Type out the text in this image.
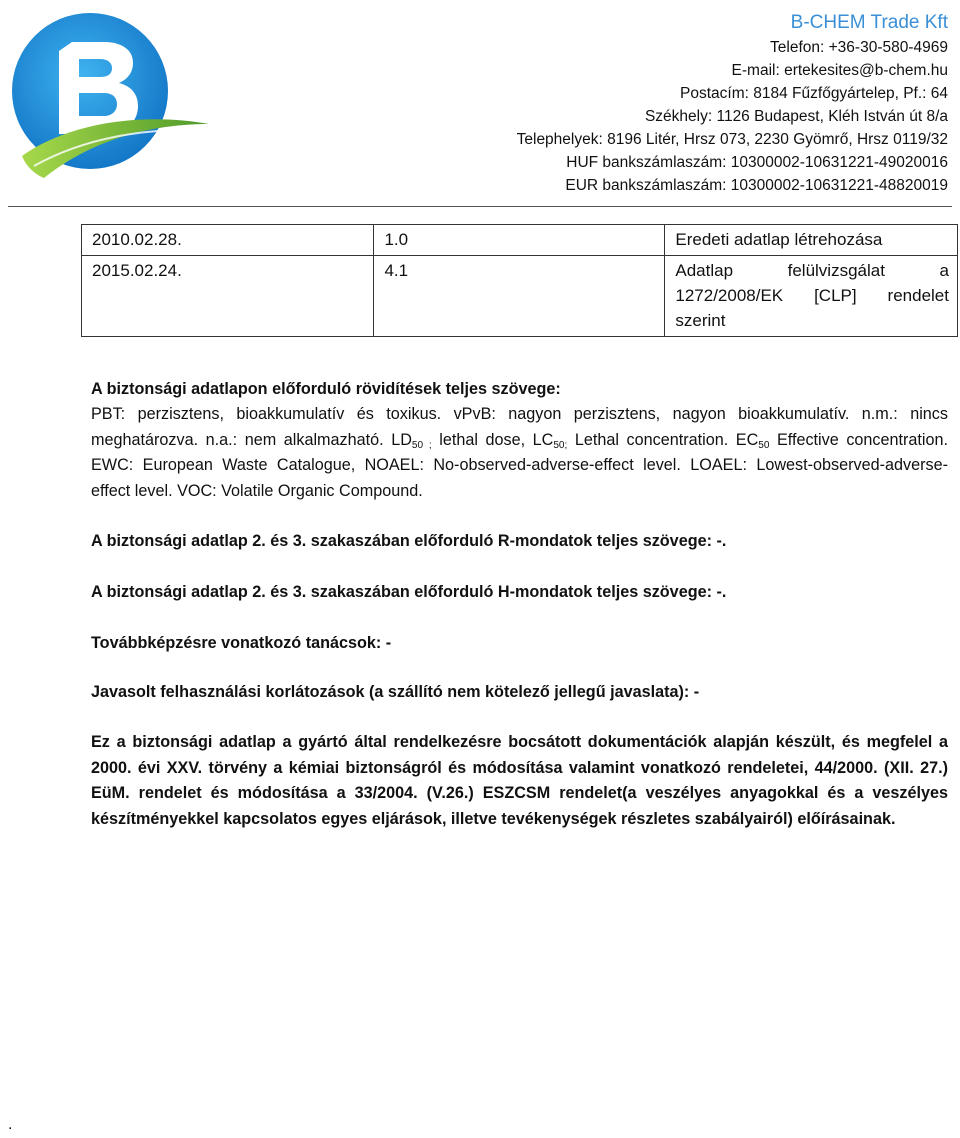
B-CHEM Trade Kft
Telefon: +36-30-580-4969
E-mail: ertekesites@b-chem.hu
Postacím: 8184 Fűzfőgyártelep, Pf.: 64
Székhely: 1126 Budapest, Kléh István út 8/a
Telephelyek: 8196 Litér, Hrsz 073, 2230 Gyömrő, Hrsz 0119/32
HUF bankszámlaszám: 10300002-10631221-49020016
EUR bankszámlaszám: 10300002-10631221-48820019
2010.02.28.	1.0	Eredeti adatlap létrehozása
2015.02.24.	4.1	Adatlap felülvizsgálat a 1272/2008/EK [CLP] rendelet szerint
A biztonsági adatlapon előforduló rövidítések teljes szövege:
PBT: perzisztens, bioakkumulatív és toxikus. vPvB: nagyon perzisztens, nagyon bioakkumulatív. n.m.: nincs meghatározva. n.a.: nem alkalmazható. $LD_{50 ;}$ lethal dose, $LC_{50;}$ Lethal concentration. $EC_{50}$ Effective concentration. EWC: European Waste Catalogue, NOAEL: No-observed-adverse-effect level. LOAEL: Lowest-observed-adverse-effect level. VOC: Volatile Organic Compound.
A biztonsági adatlap 2. és 3. szakaszában előforduló R-mondatok teljes szövege: -.
A biztonsági adatlap 2. és 3. szakaszában előforduló H-mondatok teljes szövege: -.
Továbbképzésre vonatkozó tanácsok: -
Javasolt felhasználási korlátozások (a szállító nem kötelező jellegű javaslata): -
Ez a biztonsági adatlap a gyártó által rendelkezésre bocsátott dokumentációk alapján készült, és megfelel a 2000. évi XXV. törvény a kémiai biztonságról és módosítása valamint vonatkozó rendeletei, 44/2000. (XII. 27.) EüM. rendelet és módosítása a 33/2004. (V.26.) ESZCSM rendelet(a veszélyes anyagokkal és a veszélyes készítményekkel kapcsolatos egyes eljárások, illetve tevékenységek részletes szabályairól) előírásainak.
.
